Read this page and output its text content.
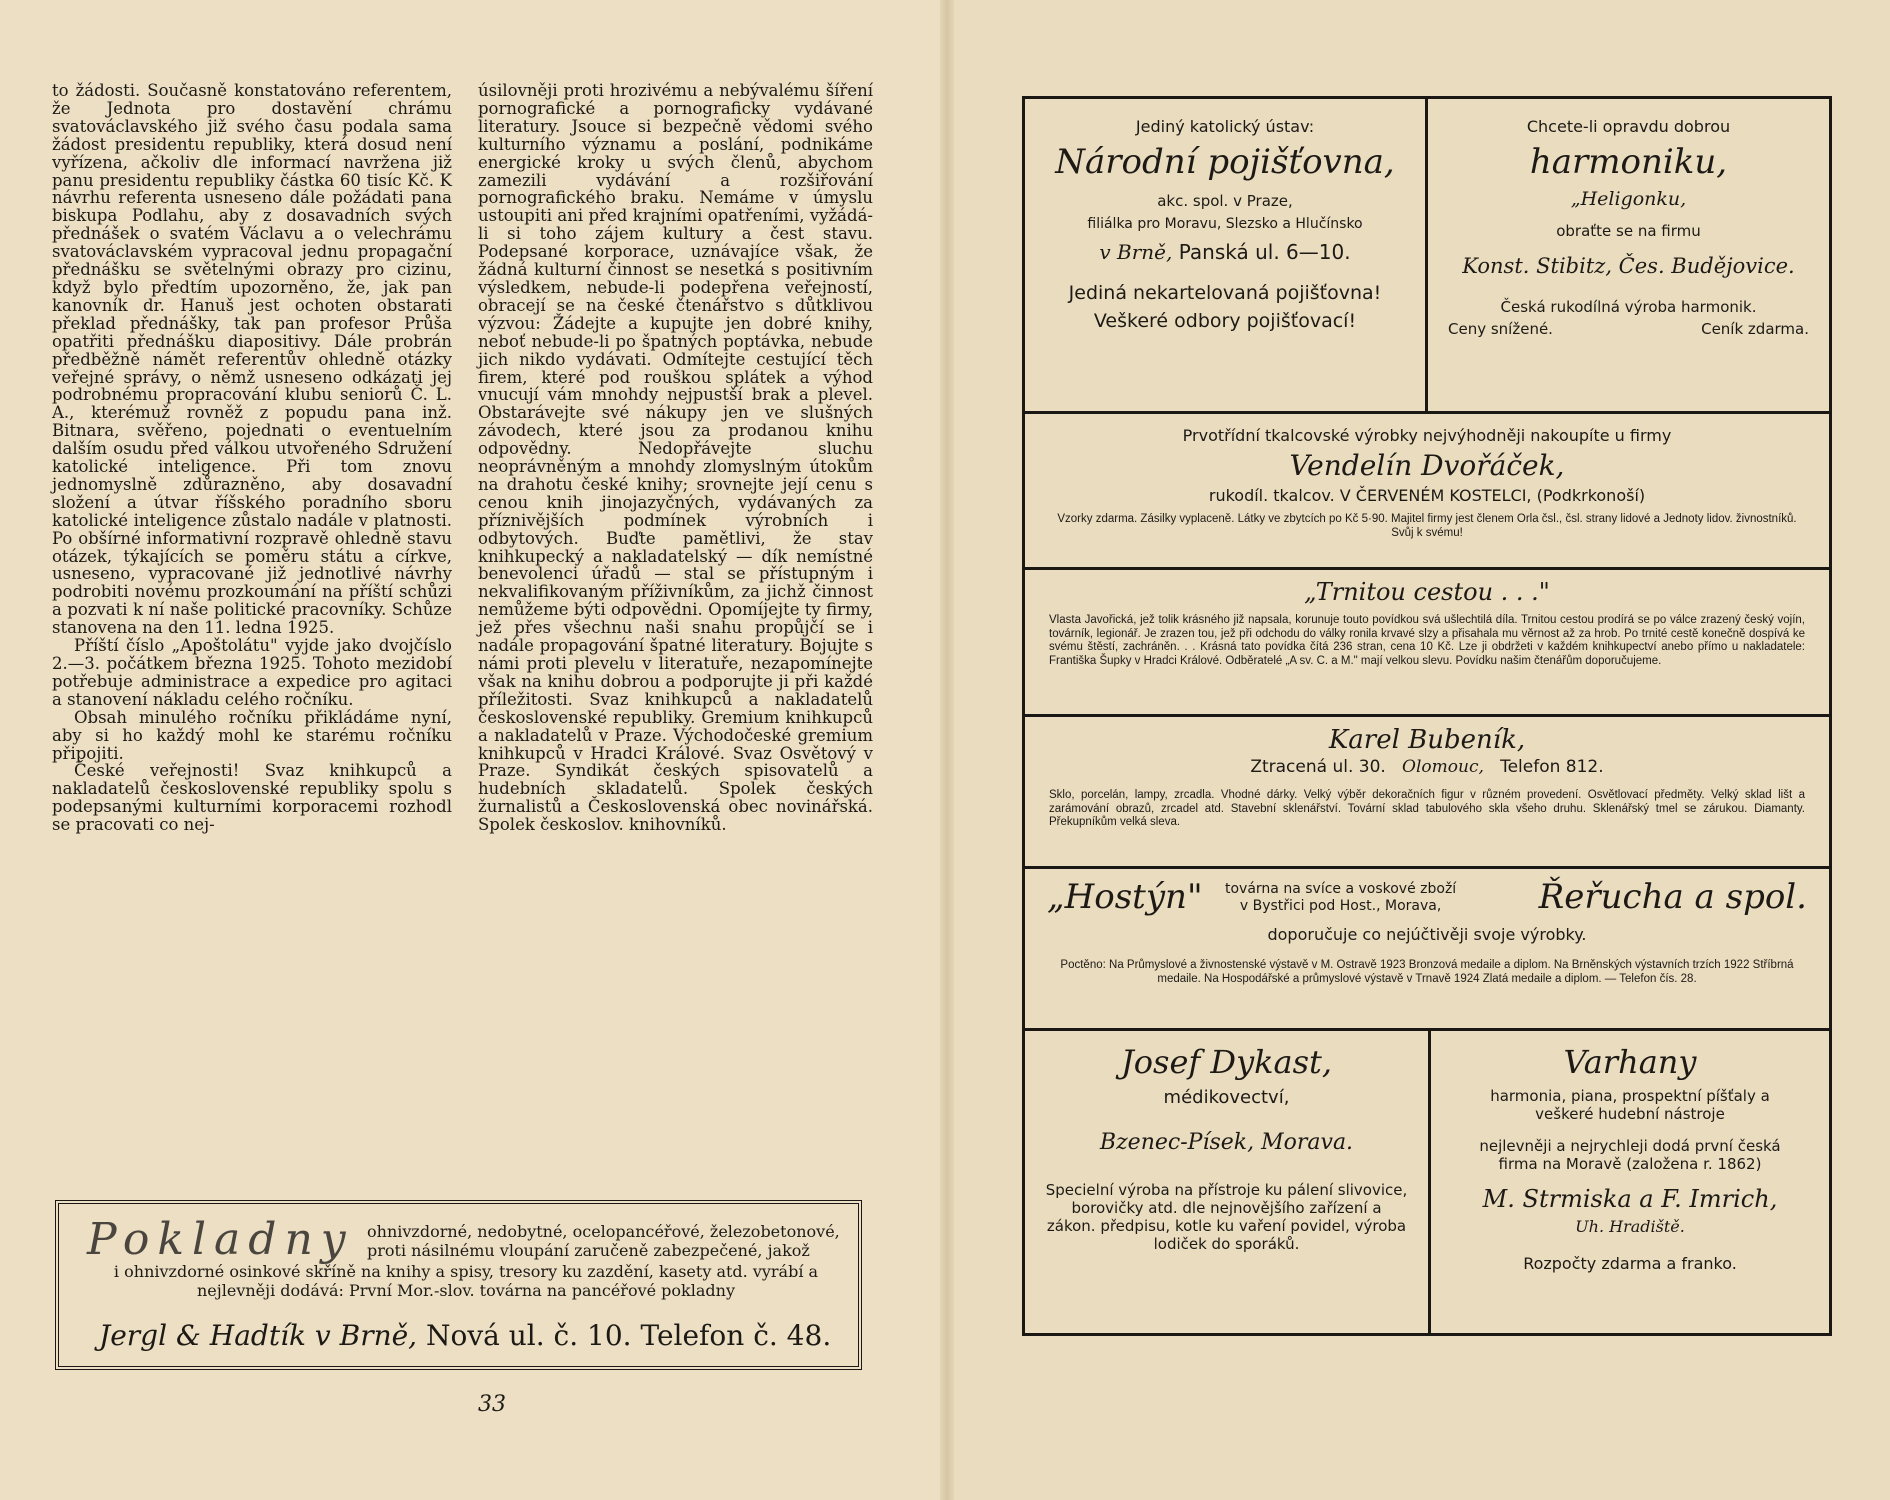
to žádosti. Současně konstatováno referentem, že Jednota pro dostavění chrámu svatováclavského již svého času podala sama žádost presidentu republiky, která dosud není vyřízena, ačkoliv dle informací navržena již panu presidentu republiky částka 60 tisíc Kč. K návrhu referenta usneseno dále požádati pana biskupa Podlahu, aby z dosavadních svých přednášek o svatém Václavu a o velechrámu svatováclavském vypracoval jednu propagační přednášku se světelnými obrazy pro cizinu, když bylo předtím upozorněno, že, jak pan kanovník dr. Hanuš jest ochoten obstarati překlad přednášky, tak pan profesor Průša opatřiti přednášku diapositivy. Dále probrán předběžně námět referentův ohledně otázky veřejné správy, o němž usneseno odkázati jej podrobnému propracování klubu seniorů Č. L. A., kterémuž rovněž z popudu pana inž. Bitnara, svěřeno, pojednati o eventuelním dalším osudu před válkou utvořeného Sdružení katolické inteligence. Při tom znovu jednomyslně zdůrazněno, aby dosavadní složení a útvar říšského poradního sboru katolické inteligence zůstalo nadále v platnosti. Po obšírné informativní rozpravě ohledně stavu otázek, týkajících se poměru státu a církve, usneseno, vypracované již jednotlivé návrhy podrobiti novému prozkoumání na příští schůzi a pozvati k ní naše politické pracovníky. Schůze stanovena na den 11. ledna 1925.

Příští číslo „Apoštolátu" vyjde jako dvojčíslo 2.—3. počátkem března 1925. Tohoto mezidobí potřebuje administrace a expedice pro agitaci a stanovení nákladu celého ročníku.

Obsah minulého ročníku přikládáme nyní, aby si ho každý mohl ke starému ročníku připojiti.

České veřejnosti! Svaz knihkupců a nakladatelů československé republiky spolu s podepsanými kulturními korporacemi rozhodl se pracovati co nej-

úsilovněji proti hrozivému a nebývalému šíření pornografické a pornograficky vydávané literatury. Jsouce si bezpečně vědomi svého kulturního významu a poslání, podnikáme energické kroky u svých členů, abychom zamezili vydávání a rozšiřování pornografického braku. Nemáme v úmyslu ustoupiti ani před krajními opatřeními, vyžádá-li si toho zájem kultury a čest stavu. Podepsané korporace, uznávajíce však, že žádná kulturní činnost se nesetká s positivním výsledkem, nebude-li podepřena veřejností, obracejí se na české čtenářstvo s důtklivou výzvou: Žádejte a kupujte jen dobré knihy, neboť nebude-li po špatných poptávka, nebude jich nikdo vydávati. Odmítejte cestující těch firem, které pod rouškou splátek a výhod vnucují vám mnohdy nejpustší brak a plevel. Obstarávejte své nákupy jen ve slušných závodech, které jsou za prodanou knihu odpovědny. Nedopřávejte sluchu neoprávněným a mnohdy zlomyslným útokům na drahotu české knihy; srovnejte její cenu s cenou knih jinojazyčných, vydávaných za příznivějších podmínek výrobních i odbytových. Buďte pamětlivi, že stav knihkupecký a nakladatelský — dík nemístné benevolenci úřadů — stal se přístupným i nekvalifikovaným příživníkům, za jichž činnost nemůžeme býti odpovědni. Opomíjejte ty firmy, jež přes všechnu naši snahu propůjčí se i nadále propagování špatné literatury. Bojujte s námi proti plevelu v literatuře, nezapomínejte však na knihu dobrou a podporujte ji při každé příležitosti. Svaz knihkupců a nakladatelů československé republiky. Gremium knihkupců a nakladatelů v Praze. Východočeské gremium knihkupců v Hradci Králové. Svaz Osvětový v Praze. Syndikát českých spisovatelů a hudebních skladatelů. Spolek českých žurnalistů a Československá obec novinářská. Spolek českoslov. knihovníků.

Pokladny ohnivzdorné, nedobytné, ocelopancéřové, železobetonové, proti násilnému vloupání zaručeně zabezpečené, jakož
i ohnivzdorné osinkové skříně na knihy a spisy, tresory ku zazdění, kasety atd. vyrábí a nejlevněji dodává: První Mor.-slov. továrna na pancéřové pokladny
Jergl & Hadtík v Brně, Nová ul. č. 10. Telefon č. 48.
33
Jediný katolický ústav:
Národní pojišťovna,
akc. spol. v Praze,
filiálka pro Moravu, Slezsko a Hlučínsko
v Brně, Panská ul. 6—10.
Jediná nekartelovaná pojišťovna!
Veškeré odbory pojišťovací!
Chcete-li opravdu dobrou
harmoniku,
„Heligonku,
obraťte se na firmu
Konst. Stibitz, Čes. Budějovice.
Česká rukodílná výroba harmonik.
Ceny snížené.	Ceník zdarma.
Prvotřídní tkalcovské výrobky nejvýhodněji nakoupíte u firmy
Vendelín Dvořáček,
rukodíl. tkalcov. V ČERVENÉM KOSTELCI, (Podkrkonoší)
Vzorky zdarma. Zásilky vyplaceně. Látky ve zbytcích po Kč 5·90. Majitel firmy jest členem Orla čsl., čsl. strany lidové a Jednoty lidov. živnostníků. Svůj k svému!
„Trnitou cestou . . ."
Vlasta Javořická, jež tolik krásného již napsala, korunuje touto povídkou svá ušlechtilá díla. Trnitou cestou prodírá se po válce zrazený český vojín, továrník, legionář. Je zrazen tou, jež při odchodu do války ronila krvavé slzy a přisahala mu věrnost až za hrob. Po trnité cestě konečně dospívá ke svému štěstí, zachráněn. . . Krásná tato povídka čítá 236 stran, cena 10 Kč. Lze ji obdržeti v každém knihkupectví anebo přímo u nakladatele: Františka Šupky v Hradci Králové. Odběratelé „A sv. C. a M." mají velkou slevu. Povídku našim čtenářům doporučujeme.
Karel Bubeník,
Ztracená ul. 30. Olomouc, Telefon 812.
Sklo, porcelán, lampy, zrcadla. Vhodné dárky. Velký výběr dekoračních figur v různém provedení. Osvětlovací předměty. Velký sklad lišt a zarámování obrazů, zrcadel atd. Stavební sklenářství. Tovární sklad tabulového skla všeho druhu. Sklenářský tmel se zárukou. Diamanty. Překupníkům velká sleva.
„Hostýn" továrna na svíce a voskové zboží
v Bystřici pod Host., Morava,	Řeřucha a spol.
doporučuje co nejúčtivěji svoje výrobky.
Poctěno: Na Průmyslové a živnostenské výstavě v M. Ostravě 1923 Bronzová medaile a diplom. Na Brněnských výstavních trzích 1922 Stříbrná medaile. Na Hospodářské a průmyslové výstavě v Trnavě 1924 Zlatá medaile a diplom. — Telefon čís. 28.
Josef Dykast,
médikovectví,
Bzenec-Písek, Morava.
Specielní výroba na přístroje ku pálení slivovice, borovičky atd. dle nejnovějšího zařízení a zákon. předpisu, kotle ku vaření povidel, výroba lodiček do sporáků.
Varhany
harmonia, piana, prospektní píšťaly a veškeré hudební nástroje
nejlevněji a nejrychleji dodá první česká firma na Moravě (založena r. 1862)
M. Strmiska a F. Imrich,
Uh. Hradiště.
Rozpočty zdarma a franko.
